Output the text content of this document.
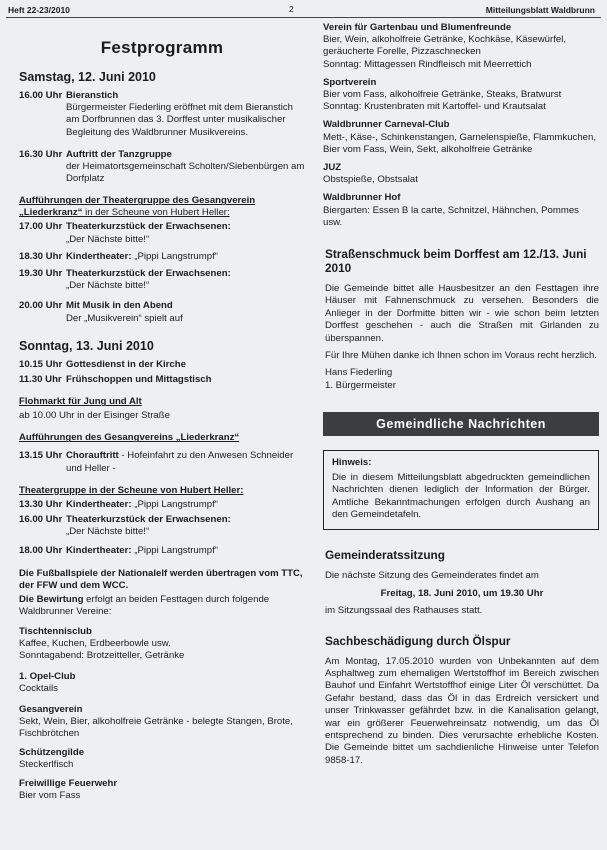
Heft 22-23/2010	2	Mitteilungsblatt Waldbrunn
Festprogramm
Samstag, 12. Juni 2010
16.00 Uhr Bieranstich
Bürgermeister Fiederling eröffnet mit dem Bieranstich am Dorfbrunnen das 3. Dorffest unter musikalischer Begleitung des Waldbrunner Musikvereins.
16.30 Uhr Auftritt der Tanzgruppe
der Heimatortsgemeinschaft Scholten/Siebenbürgen am Dorfplatz
Aufführungen der Theatergruppe des Gesangverein „Liederkranz“ in der Scheune von Hubert Heller:
17.00 Uhr Theaterkurzstück der Erwachsenen:
„Der Nächste bitte!“
18.30 Uhr Kindertheater: „Pippi Langstrumpf“
19.30 Uhr Theaterkurzstück der Erwachsenen:
„Der Nächste bitte!“
20.00 Uhr Mit Musik in den Abend
Der „Musikverein“ spielt auf
Sonntag, 13. Juni 2010
10.15 Uhr Gottesdienst in der Kirche
11.30 Uhr Frühschoppen und Mittagstisch
Flohmarkt für Jung und Alt
ab 10.00 Uhr in der Eisinger Straße
Aufführungen des Gesangvereins „Liederkranz“
13.15 Uhr Chorauftritt - Hofeinfahrt zu den Anwesen Schneider und Heller -
Theatergruppe in der Scheune von Hubert Heller:
13.30 Uhr Kindertheater: „Pippi Langstrumpf“
16.00 Uhr Theaterkurzstück der Erwachsenen:
„Der Nächste bitte!“
18.00 Uhr Kindertheater: „Pippi Langstrumpf“
Die Fußballspiele der Nationalelf werden übertragen vom TTC, der FFW und dem WCC.
Die Bewirtung erfolgt an beiden Festtagen durch folgende Waldbrunner Vereine:
Tischtennisclub
Kaffee, Kuchen, Erdbeerbowle usw.
Sonntagabend: Brotzeitteller, Getränke
1. Opel-Club
Cocktails
Gesangverein
Sekt, Wein, Bier, alkoholfreie Getränke - belegte Stangen, Brote, Fischbrötchen
Schützengilde
Steckerlfisch
Freiwillige Feuerwehr
Bier vom Fass
Verein für Gartenbau und Blumenfreunde
Bier, Wein, alkoholfreie Getränke, Kochkäse, Käsewürfel, geräucherte Forelle, Pizzaschnecken
Sonntag: Mittagessen Rindfleisch mit Meerrettich
Sportverein
Bier vom Fass, alkoholfreie Getränke, Steaks, Bratwurst
Sonntag: Krustenbraten mit Kartoffel- und Krautsalat
Waldbrunner Carneval-Club
Mett-, Käse-, Schinkenstangen, Garnelenspieße, Flammkuchen, Bier vom Fass, Wein, Sekt, alkoholfreie Getränke
JUZ
Obstspieße, Obstsalat
Waldbrunner Hof
Biergarten: Essen B la carte, Schnitzel, Hähnchen, Pommes usw.
Straßenschmuck beim Dorffest am 12./13. Juni 2010
Die Gemeinde bittet alle Hausbesitzer an den Festtagen ihre Häuser mit Fahnenschmuck zu versehen. Besonders die Anlieger in der Dorfmitte bitten wir - wie schon beim letzten Dorffest geschehen - auch die Straßen mit Girlanden zu überspannen.
Für Ihre Mühen danke ich Ihnen schon im Voraus recht herzlich.
Hans Fiederling
1. Bürgermeister
Gemeindliche Nachrichten
Hinweis:
Die in diesem Mitteilungsblatt abgedruckten gemeindlichen Nachrichten dienen lediglich der Information der Bürger. Amtliche Bekanntmachungen erfolgen durch Aushang an den Gemeindetafeln.
Gemeinderatssitzung
Die nächste Sitzung des Gemeinderates findet am
Freitag, 18. Juni 2010, um 19.30 Uhr
im Sitzungssaal des Rathauses statt.
Sachbeschädigung durch Ölspur
Am Montag, 17.05.2010 wurden von Unbekannten auf dem Asphaltweg zum ehemaligen Wertstoffhof im Bereich zwischen Bauhof und Einfahrt Wertstoffhof einige Liter Öl verschüttet. Da Gefahr bestand, dass das Öl in das Erdreich versickert und unser Trinkwasser gefährdet bzw. in die Kanalisation gelangt, war ein größerer Feuerwehreinsatz notwendig, um das Öl entsprechend zu binden. Dies verursachte erhebliche Kosten. Die Gemeinde bittet um sachdienliche Hinweise unter Telefon 9858-17.
